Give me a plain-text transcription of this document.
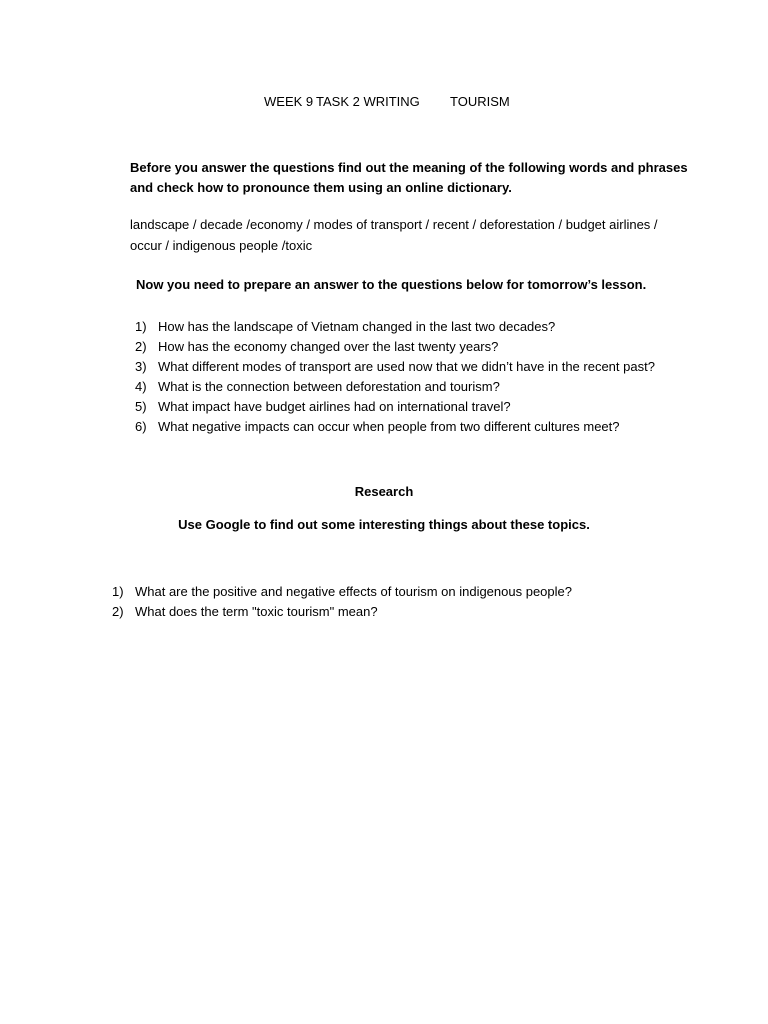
WEEK 9 TASK 2 WRITING TOURISM
Before you answer the questions find out the meaning of the following words and phrases and check how to pronounce them using an online dictionary.
landscape / decade /economy / modes of transport / recent / deforestation / budget airlines /
occur / indigenous people /toxic
Now you need to prepare an answer to the questions below for tomorrow’s lesson.
1) How has the landscape of Vietnam changed in the last two decades?
2) How has the economy changed over the last twenty years?
3) What different modes of transport are used now that we didn’t have in the recent past?
4) What is the connection between deforestation and tourism?
5) What impact have budget airlines had on international travel?
6) What negative impacts can occur when people from two different cultures meet?
Research
Use Google to find out some interesting things about these topics.
1) What are the positive and negative effects of tourism on indigenous people?
2) What does the term "toxic tourism" mean?
